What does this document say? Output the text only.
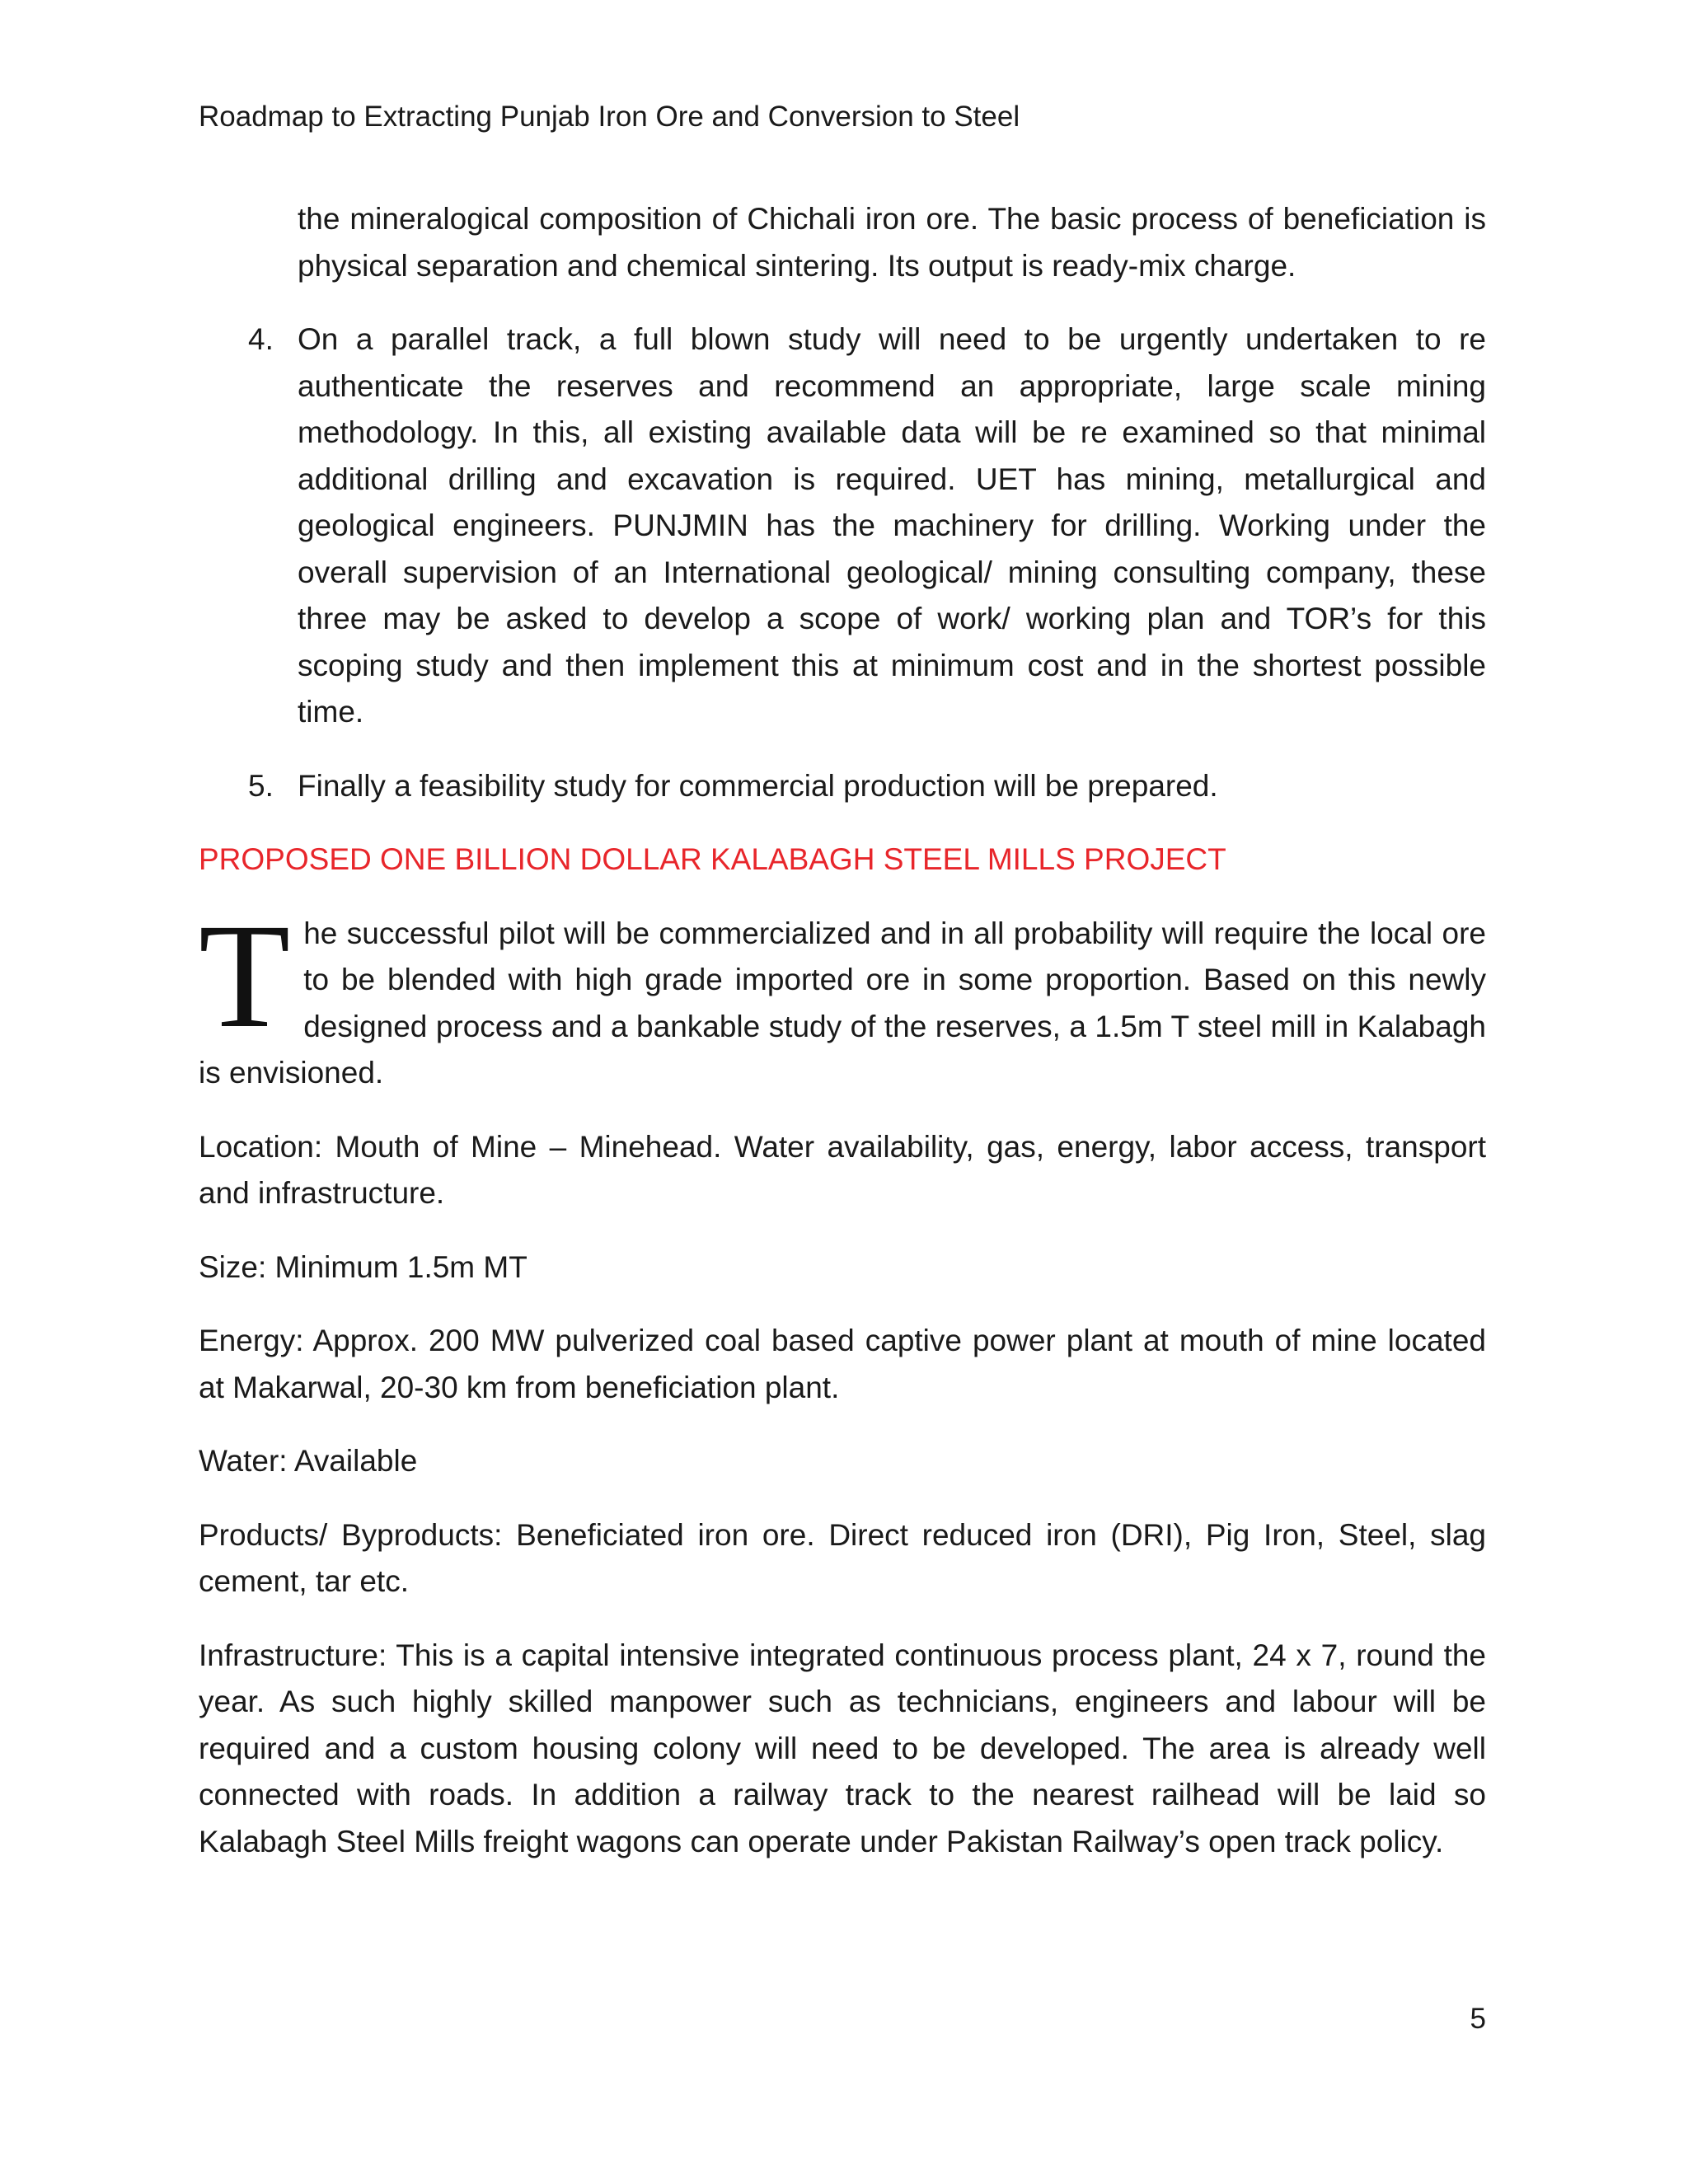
Roadmap to Extracting Punjab Iron Ore and Conversion to Steel

the mineralogical composition of Chichali iron ore. The basic process of beneficiation is physical separation and chemical sintering. Its output is ready-mix charge.

4. On a parallel track, a full blown study will need to be urgently undertaken to re authenticate the reserves and recommend an appropriate, large scale mining methodology. In this, all existing available data will be re examined so that minimal additional drilling and excavation is required. UET has mining, metallurgical and geological engineers. PUNJMIN has the machinery for drilling. Working under the overall supervision of an International geological/ mining consulting company, these three may be asked to develop a scope of work/ working plan and TOR’s for this scoping study and then implement this at minimum cost and in the shortest possible time.

5. Finally a feasibility study for commercial production will be prepared.

PROPOSED ONE BILLION DOLLAR KALABAGH STEEL MILLS PROJECT

The successful pilot will be commercialized and in all probability will require the local ore to be blended with high grade imported ore in some proportion. Based on this newly designed process and a bankable study of the reserves, a 1.5m T steel mill in Kalabagh is envisioned.

Location: Mouth of Mine – Minehead. Water availability, gas, energy, labor access, transport and infrastructure.

Size: Minimum 1.5m MT

Energy: Approx. 200 MW pulverized coal based captive power plant at mouth of mine located at Makarwal, 20-30 km from beneficiation plant.

Water: Available

Products/ Byproducts: Beneficiated iron ore. Direct reduced iron (DRI), Pig Iron, Steel, slag cement, tar etc.

Infrastructure: This is a capital intensive integrated continuous process plant, 24 x 7, round the year. As such highly skilled manpower such as technicians, engineers and labour will be required and a custom housing colony will need to be developed. The area is already well connected with roads. In addition a railway track to the nearest railhead will be laid so Kalabagh Steel Mills freight wagons can operate under Pakistan Railway’s open track policy.

5
